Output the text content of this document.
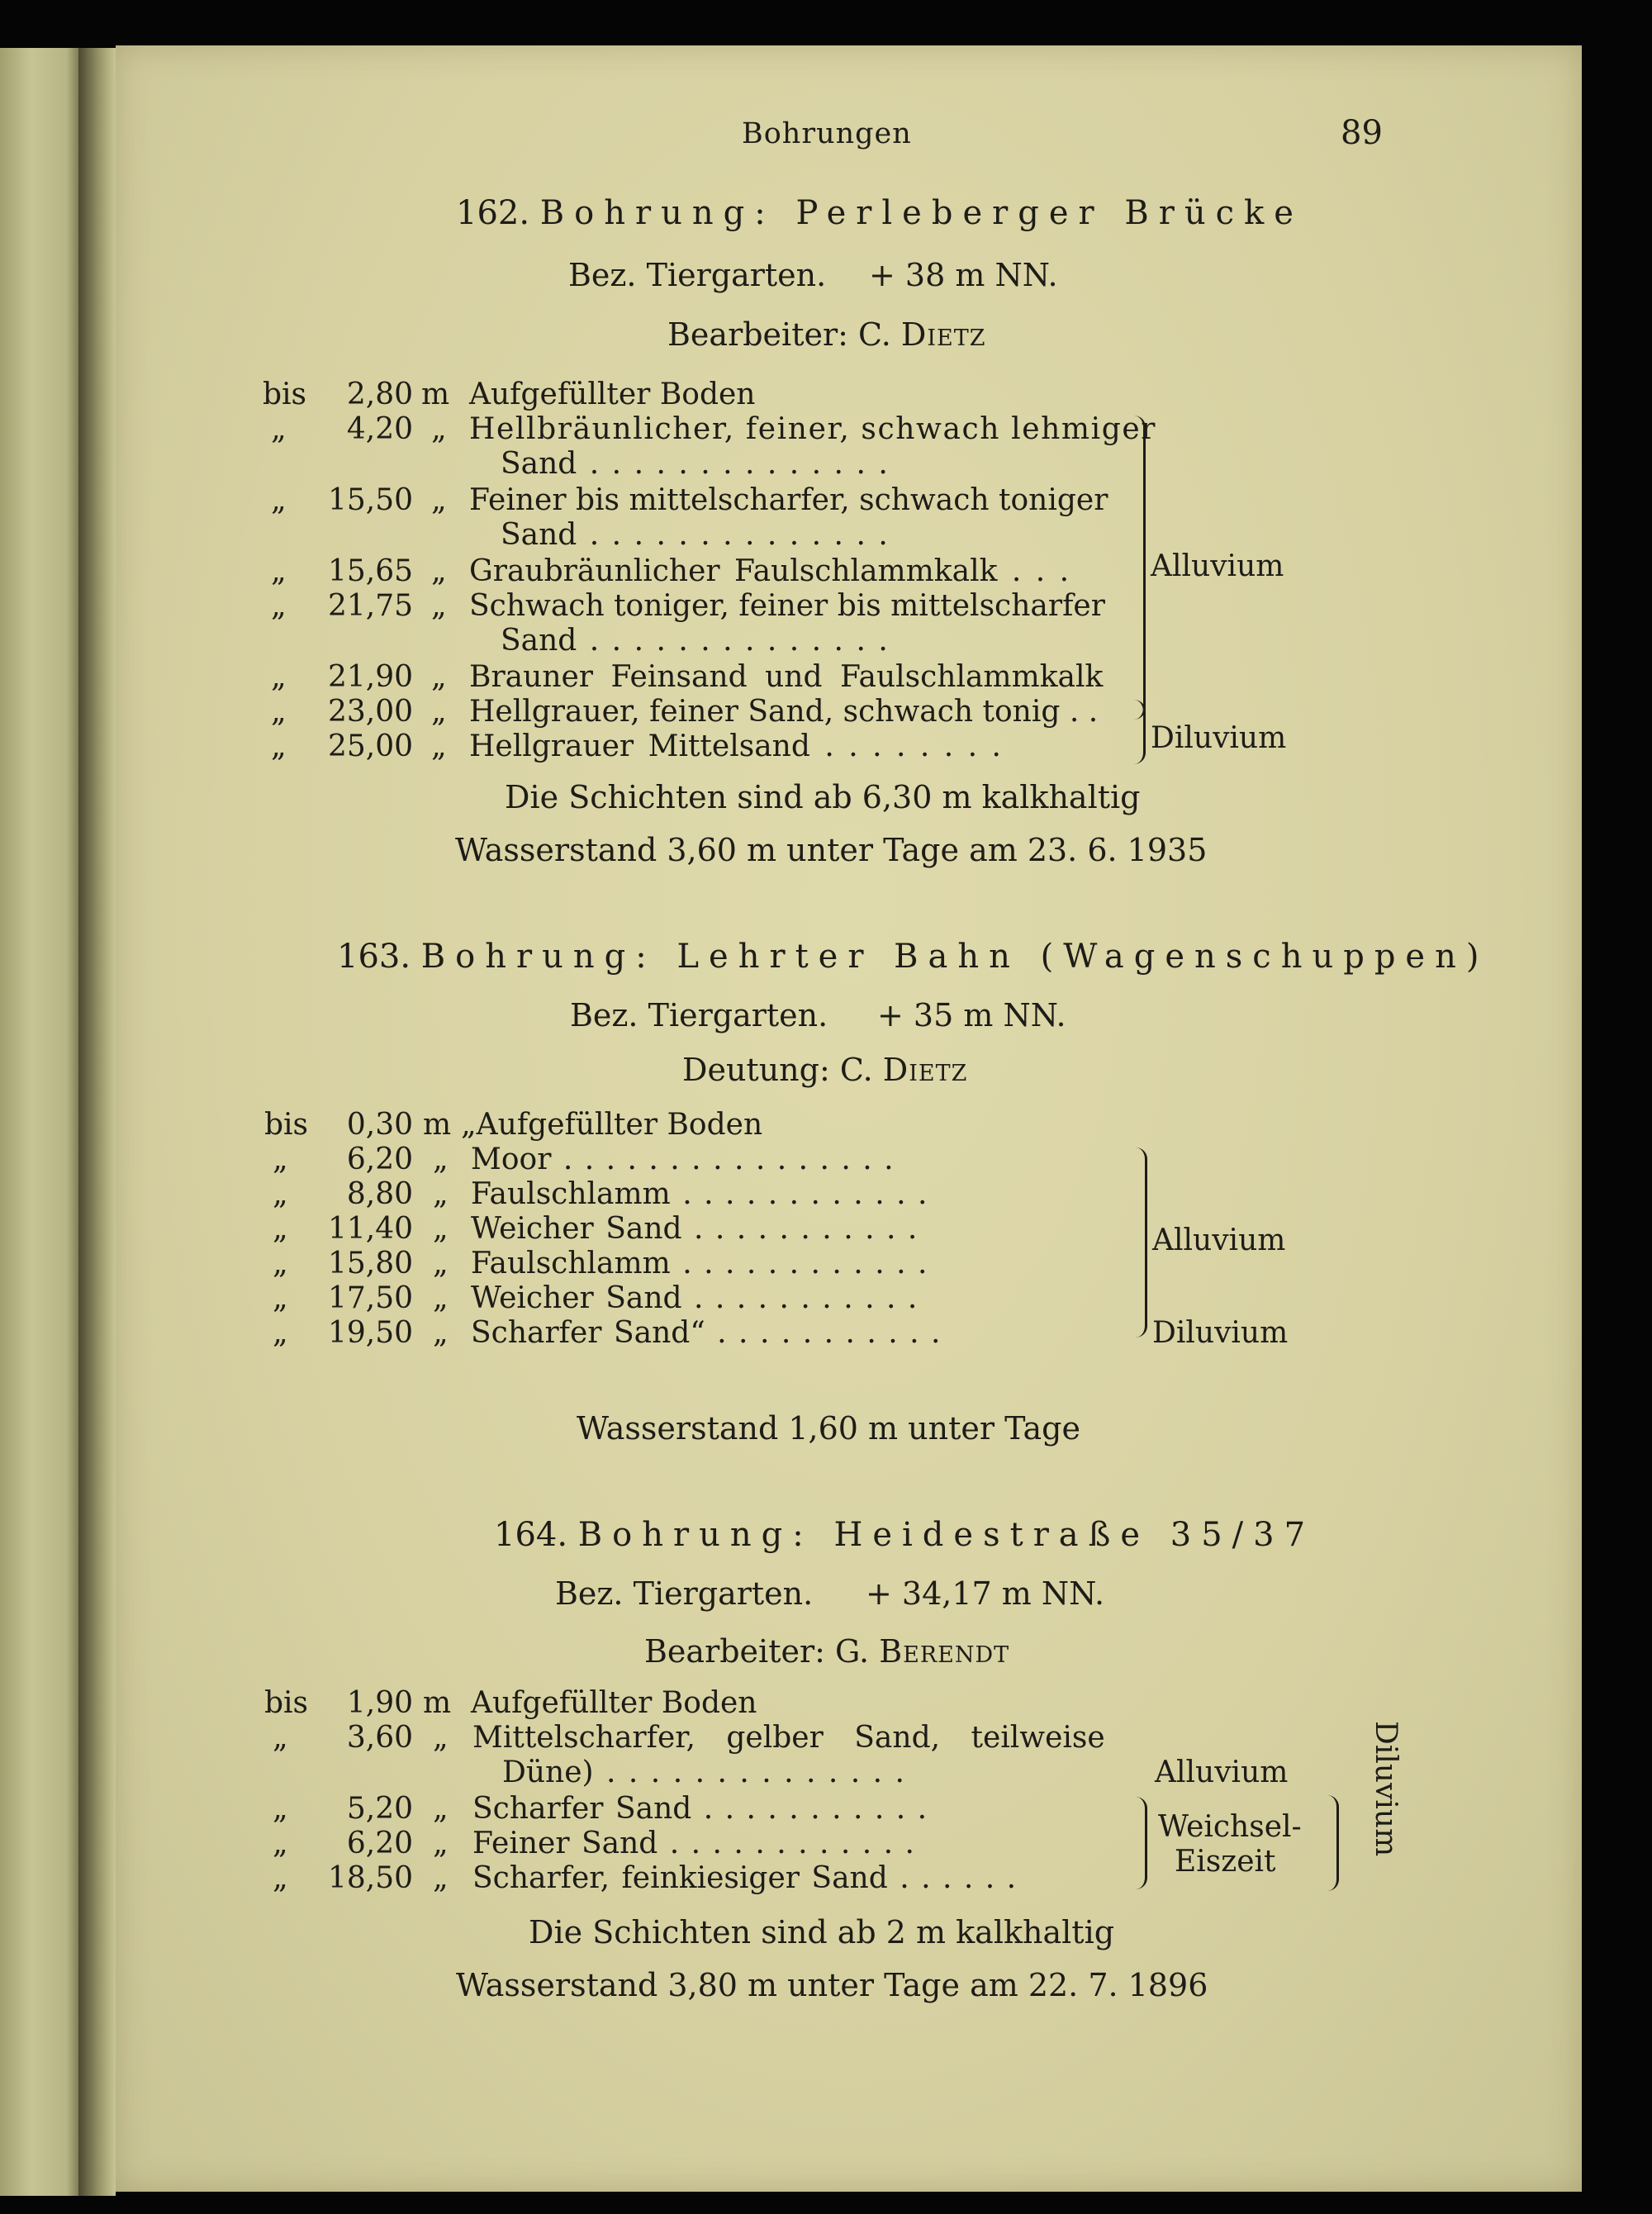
Bohrungen	89
162. Bohrung: Perleberger Brücke
Bez. Tiergarten. + 38 m NN.
Bearbeiter: C. Dietz
bis	2,80 m Aufgefüllter Boden
„	4,20 „ Hellbräunlicher, feiner, schwach lehmiger
Sand . . . . . . . . . . . . . .
„	15,50 „ Feiner bis mittelscharfer, schwach toniger
Sand . . . . . . . . . . . . . .
„	15,65 „ Graubräunlicher Faulschlammkalk . . .
„	21,75 „ Schwach toniger, feiner bis mittelscharfer
Sand . . . . . . . . . . . . . .
„	21,90 „ Brauner Feinsand und Faulschlammkalk
„	23,00 „ Hellgrauer, feiner Sand, schwach tonig . .
„	25,00 „ Hellgrauer Mittelsand . . . . . . . .
Alluvium
Diluvium
Die Schichten sind ab 6,30 m kalkhaltig
Wasserstand 3,60 m unter Tage am 23. 6. 1935
163. Bohrung: Lehrter Bahn (Wagenschuppen)
Bez. Tiergarten. + 35 m NN.
Deutung: C. Dietz
bis	0,30 m „Aufgefüllter Boden
„	6,20 „ Moor . . . . . . . . . . . . . . . .
„	8,80 „ Faulschlamm . . . . . . . . . . . .
„	11,40 „ Weicher Sand . . . . . . . . . . .
„	15,80 „ Faulschlamm . . . . . . . . . . . .
„	17,50 „ Weicher Sand . . . . . . . . . . .
„	19,50 „ Scharfer Sand“ . . . . . . . . . . .
Alluvium
Diluvium
Wasserstand 1,60 m unter Tage
164. Bohrung: Heidestraße 35/37
Bez. Tiergarten. + 34,17 m NN.
Bearbeiter: G. Berendt
bis	1,90 m Aufgefüllter Boden
„	3,60 „ Mittelscharfer, gelber Sand, teilweise
Düne) . . . . . . . . . . . . . .
„	5,20 „ Scharfer Sand . . . . . . . . . . .
„	6,20 „ Feiner Sand . . . . . . . . . . . .
„	18,50 „ Scharfer, feinkiesiger Sand . . . . . .
Alluvium
Weichsel-
Eiszeit
Diluvium
Die Schichten sind ab 2 m kalkhaltig
Wasserstand 3,80 m unter Tage am 22. 7. 1896
